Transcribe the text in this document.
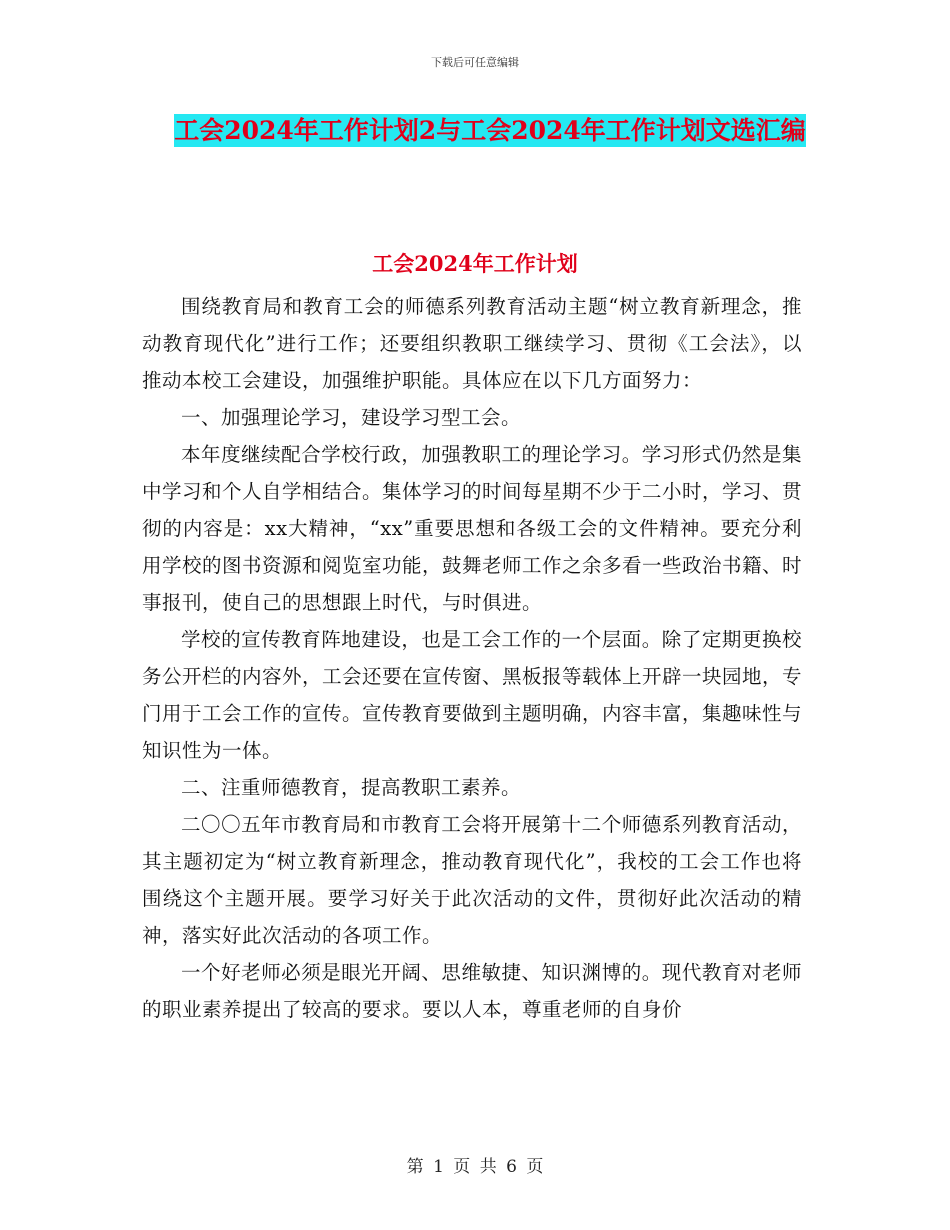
下载后可任意编辑
工会2024年工作计划2与工会2024年工作计划文选汇编
工会2024年工作计划

围绕教育局和教育工会的师德系列教育活动主题“树立教育新理念，推动教育现代化”进行工作；还要组织教职工继续学习、贯彻《工会法》，以推动本校工会建设，加强维护职能。具体应在以下几方面努力：

一、加强理论学习，建设学习型工会。

本年度继续配合学校行政，加强教职工的理论学习。学习形式仍然是集中学习和个人自学相结合。集体学习的时间每星期不少于二小时，学习、贯彻的内容是：xx大精神，“xx”重要思想和各级工会的文件精神。要充分利用学校的图书资源和阅览室功能，鼓舞老师工作之余多看一些政治书籍、时事报刊，使自己的思想跟上时代，与时俱进。

学校的宣传教育阵地建设，也是工会工作的一个层面。除了定期更换校务公开栏的内容外，工会还要在宣传窗、黑板报等载体上开辟一块园地，专门用于工会工作的宣传。宣传教育要做到主题明确，内容丰富，集趣味性与知识性为一体。

二、注重师德教育，提高教职工素养。

二〇〇五年市教育局和市教育工会将开展第十二个师德系列教育活动，其主题初定为“树立教育新理念，推动教育现代化”，我校的工会工作也将围绕这个主题开展。要学习好关于此次活动的文件，贯彻好此次活动的精神，落实好此次活动的各项工作。

一个好老师必须是眼光开阔、思维敏捷、知识渊博的。现代教育对老师的职业素养提出了较高的要求。要以人本，尊重老师的自身价

第 1 页 共 6 页
